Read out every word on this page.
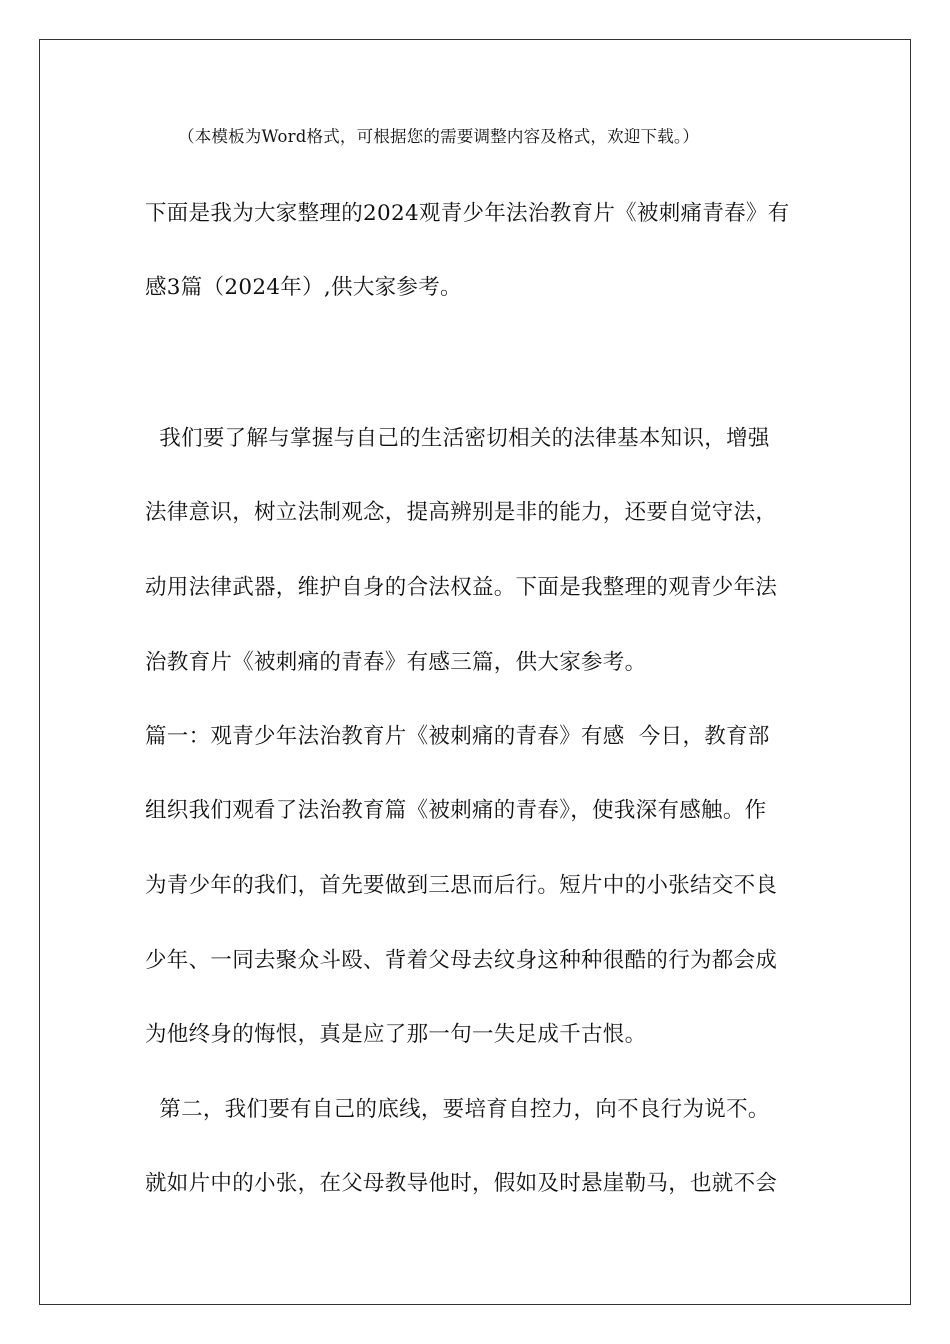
（本模板为Word格式，可根据您的需要调整内容及格式，欢迎下载。）
下面是我为大家整理的2024观青少年法治教育片《被刺痛青春》有
感3篇（2024年）,供大家参考。
我们要了解与掌握与自己的生活密切相关的法律基本知识，增强
法律意识，树立法制观念，提高辨别是非的能力，还要自觉守法，
动用法律武器，维护自身的合法权益。下面是我整理的观青少年法
治教育片《被刺痛的青春》有感三篇，供大家参考。
篇一：观青少年法治教育片《被刺痛的青春》有感  今日，教育部
组织我们观看了法治教育篇《被刺痛的青春》，使我深有感触。作
为青少年的我们，首先要做到三思而后行。短片中的小张结交不良
少年、一同去聚众斗殴、背着父母去纹身这种种很酷的行为都会成
为他终身的悔恨，真是应了那一句一失足成千古恨。
第二，我们要有自己的底线，要培育自控力，向不良行为说不。
就如片中的小张，在父母教导他时，假如及时悬崖勒马，也就不会
